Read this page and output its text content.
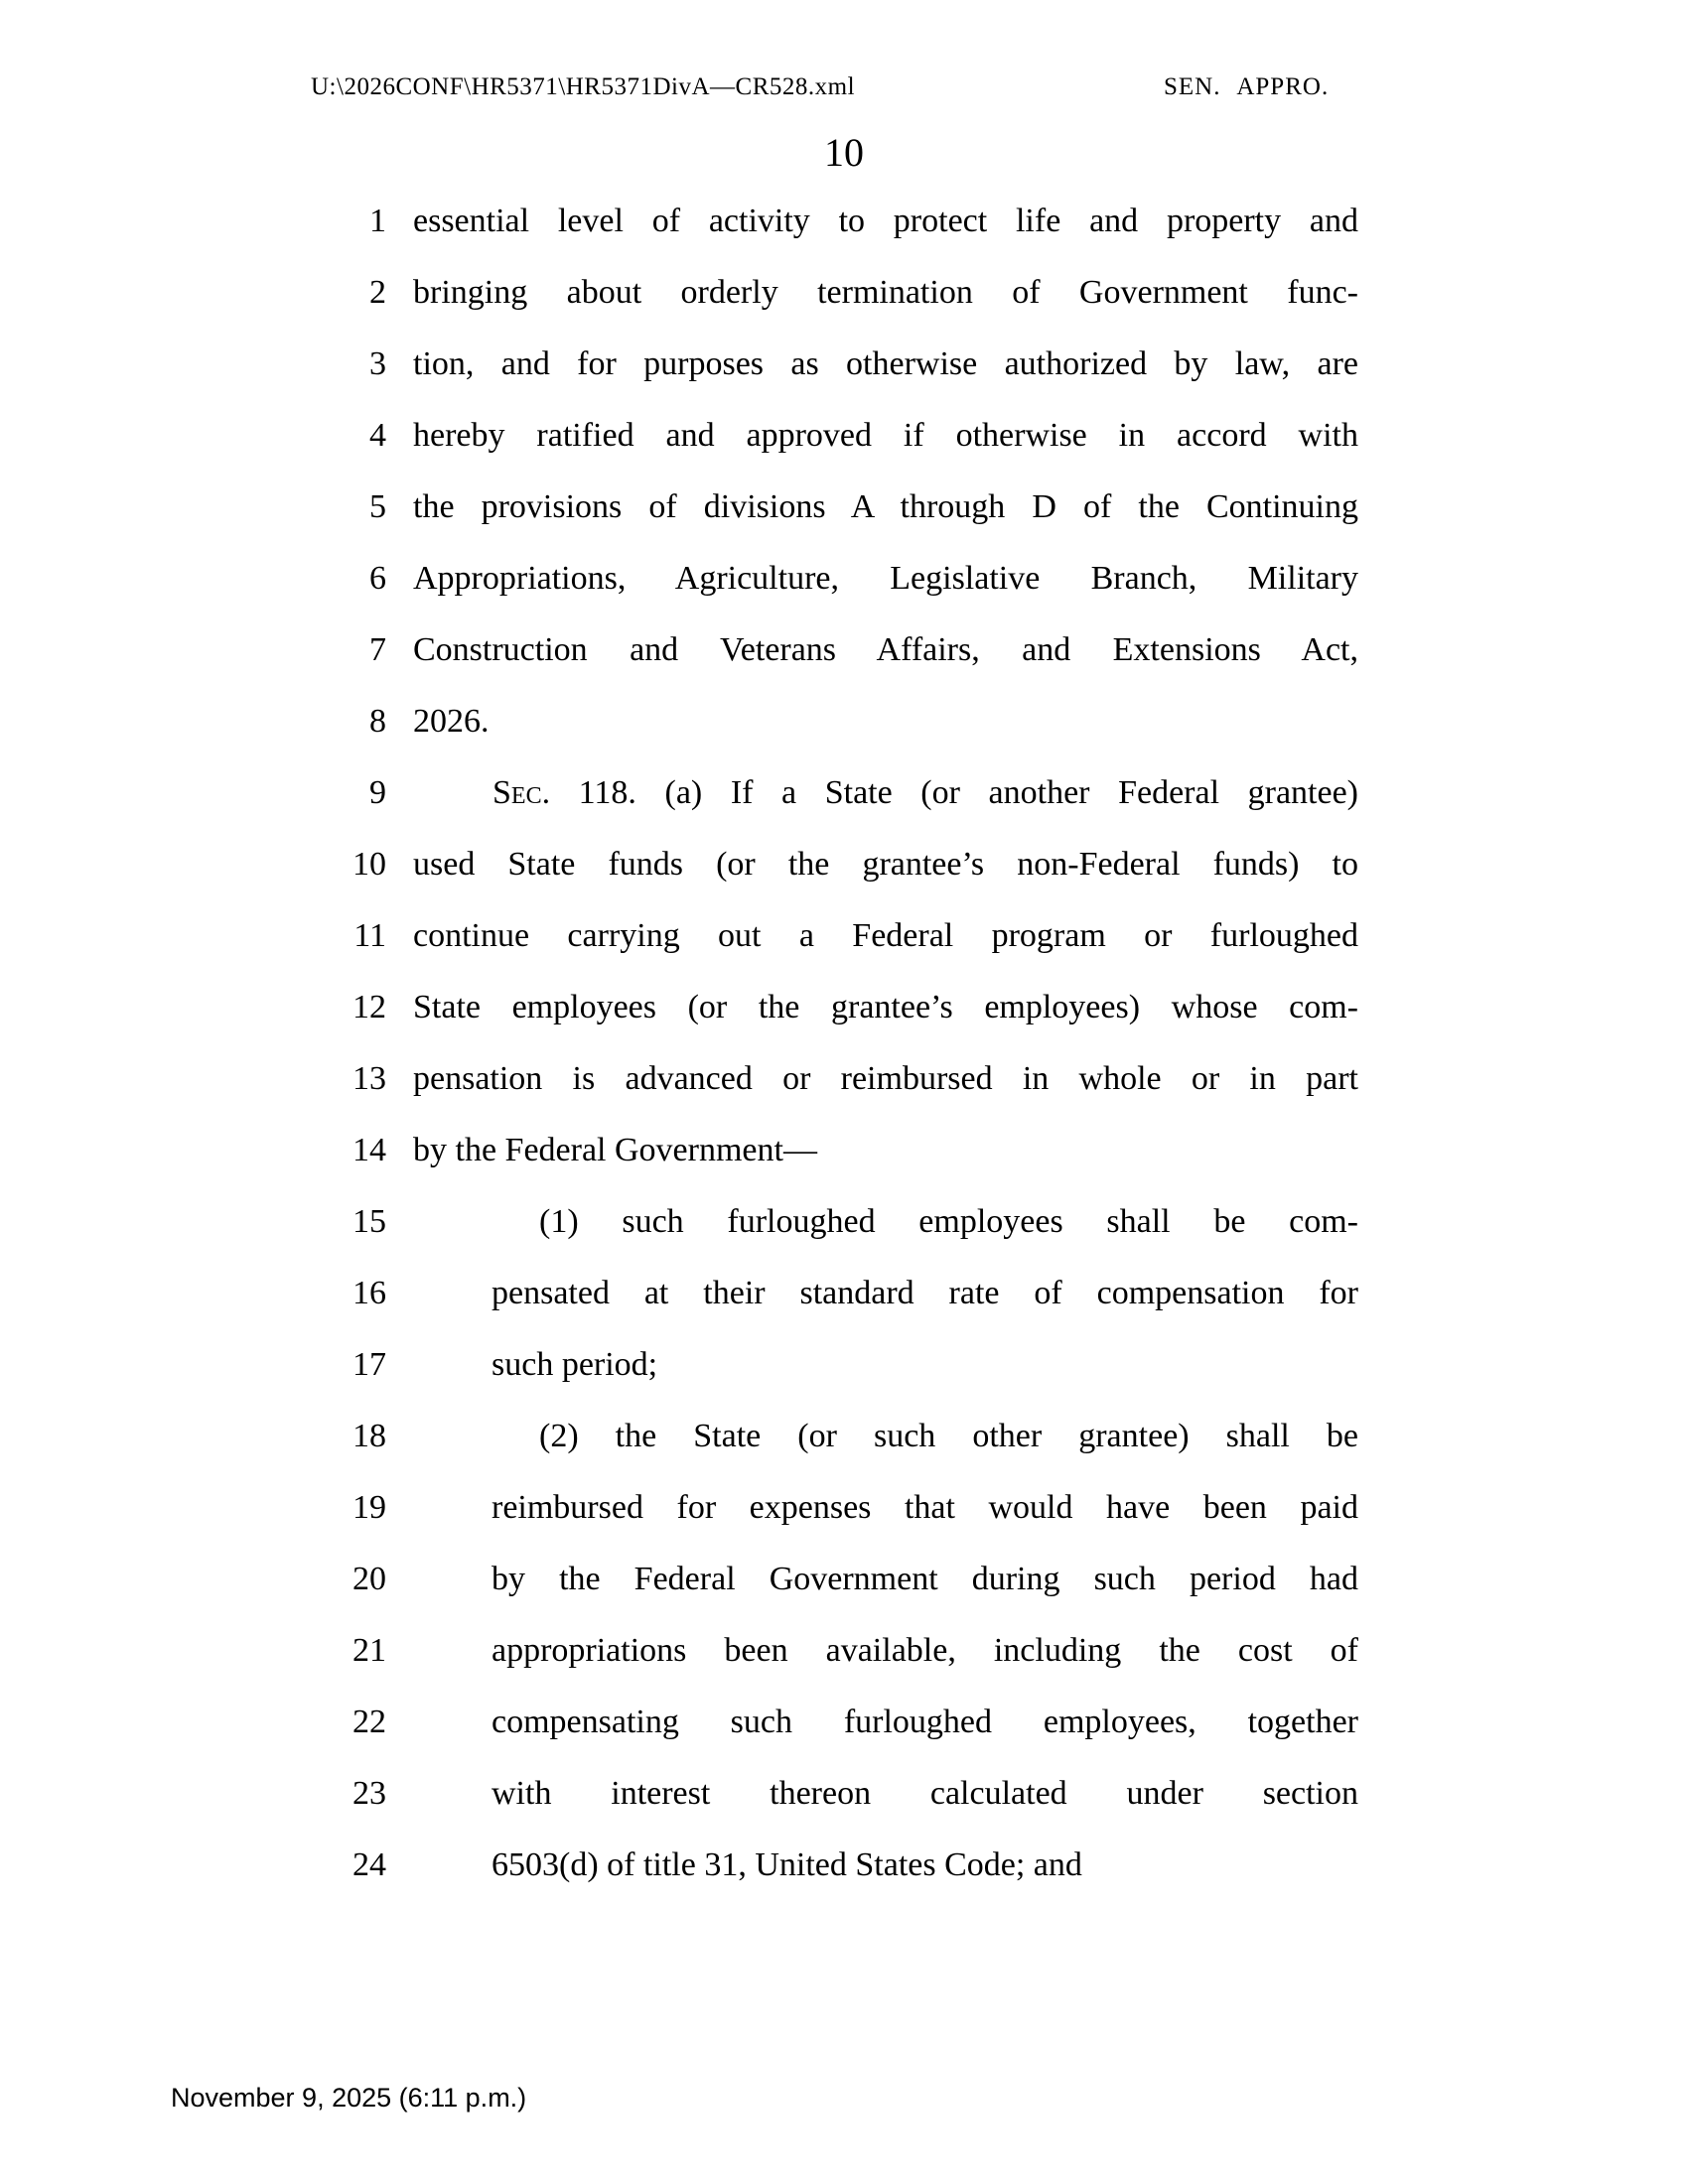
U:\2026CONF\HR5371\HR5371DivA—CR528.xml	SEN. APPRO.
10
1 essential level of activity to protect life and property and
2 bringing about orderly termination of Government func-
3 tion, and for purposes as otherwise authorized by law, are
4 hereby ratified and approved if otherwise in accord with
5 the provisions of divisions A through D of the Continuing
6 Appropriations, Agriculture, Legislative Branch, Military
7 Construction and Veterans Affairs, and Extensions Act,
8 2026.
9	Sec. 118. (a) If a State (or another Federal grantee)
10 used State funds (or the grantee’s non-Federal funds) to
11 continue carrying out a Federal program or furloughed
12 State employees (or the grantee’s employees) whose com-
13 pensation is advanced or reimbursed in whole or in part
14 by the Federal Government—
15	(1) such furloughed employees shall be com-
16	pensated at their standard rate of compensation for
17	such period;
18	(2) the State (or such other grantee) shall be
19	reimbursed for expenses that would have been paid
20	by the Federal Government during such period had
21	appropriations been available, including the cost of
22	compensating such furloughed employees, together
23	with interest thereon calculated under section
24	6503(d) of title 31, United States Code; and
November 9, 2025 (6:11 p.m.)
